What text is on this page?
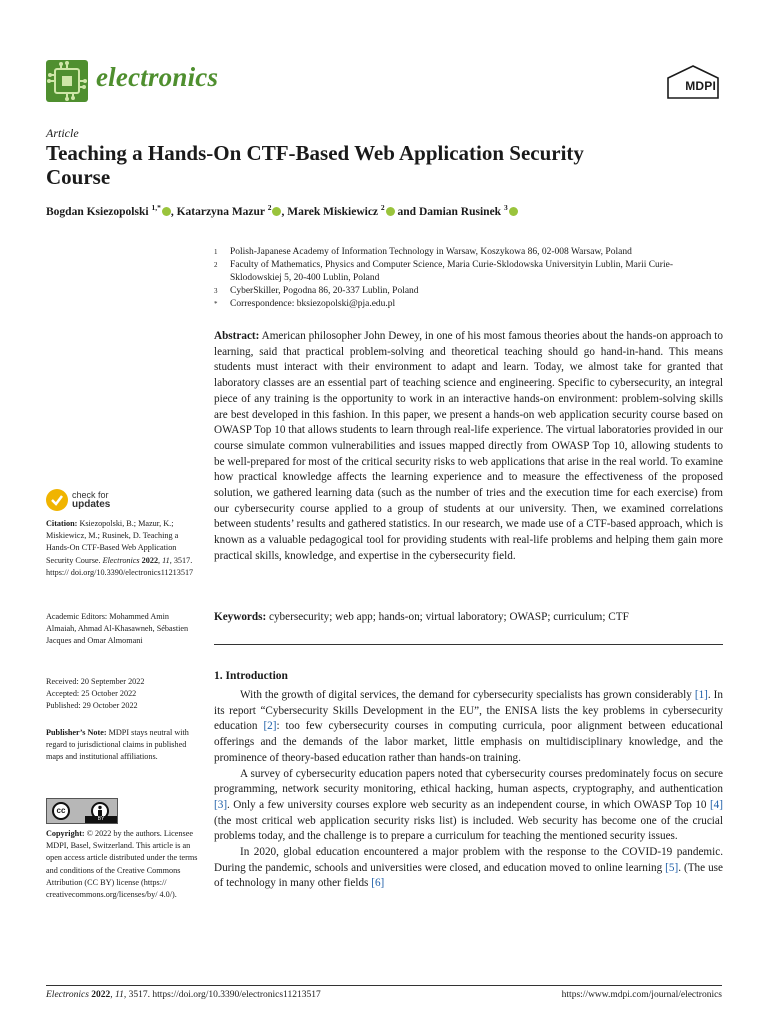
electronics	MDPI
Article
Teaching a Hands-On CTF-Based Web Application Security Course
Bogdan Ksiezopolski $^{1,*}$ , Katarzyna Mazur $^2$ , Marek Miskiewicz $^2$ and Damian Rusinek $^3$
1	Polish-Japanese Academy of Information Technology in Warsaw, Koszykowa 86, 02-008 Warsaw, Poland
2	Faculty of Mathematics, Physics and Computer Science, Maria Curie-Sklodowska Universityin Lublin, Marii Curie-Sklodowskiej 5, 20-400 Lublin, Poland
3	CyberSkiller, Pogodna 86, 20-337 Lublin, Poland
*	Correspondence: bksiezopolski@pja.edu.pl
Abstract: American philosopher John Dewey, in one of his most famous theories about the hands-on approach to learning, said that practical problem-solving and theoretical teaching should go hand-in-hand. This means students must interact with their environment to adapt and learn. Today, we almost take for granted that laboratory classes are an essential part of teaching science and engineering. Specific to cybersecurity, an integral piece of any training is the opportunity to work in an interactive hands-on environment: problem-solving skills are best developed in this fashion. In this paper, we present a hands-on web application security course based on OWASP Top 10 that allows students to learn through real-life experience. The virtual laboratories provided in our course simulate common vulnerabilities and issues mapped directly from OWASP Top 10, allowing students to be well-prepared for most of the critical security risks to web applications that arise in the real world. To examine how practical knowledge affects the learning experience and to measure the effectiveness of the proposed solution, we gathered learning data (such as the number of tries and the execution time for each exercise) from our cybersecurity course applied to a group of students at our university. Then, we examined correlations between students’ results and gathered statistics. In our research, we made use of a CTF-based approach, which is known as a valuable pedagogical tool for providing students with real-life problems and helping them gain more practical skills, knowledge, and expertise in the cybersecurity field.
Keywords: cybersecurity; web app; hands-on; virtual laboratory; OWASP; curriculum; CTF
1. Introduction

With the growth of digital services, the demand for cybersecurity specialists has grown considerably [1]. In its report “Cybersecurity Skills Development in the EU”, the ENISA lists the key problems in cybersecurity education [2]: too few cybersecurity courses in computing curricula, poor alignment between educational offerings and the demands of the labor market, little emphasis on multidisciplinary knowledge, and the prominence of theory-based education rather than hands-on training.

A survey of cybersecurity education papers noted that cybersecurity courses predominately focus on secure programming, network security monitoring, ethical hacking, human aspects, cryptography, and authentication [3]. Only a few university courses explore web security as an independent course, in which OWASP Top 10 [4] (the most critical web application security risks list) is included. Web security has become one of the crucial problems today, and the challenge is to prepare a curriculum for teaching the mentioned security issues.

In 2020, global education encountered a major problem with the response to the COVID-19 pandemic. During the pandemic, schools and universities were closed, and education moved to online learning [5]. (The use of technology in many other fields [6]

check for
updates
Citation: Ksiezopolski, B.; Mazur, K.; Miskiewicz, M.; Rusinek, D. Teaching a Hands-On CTF-Based Web Application Security Course. Electronics 2022, 11, 3517. https:// doi.org/10.3390/electronics11213517
Academic Editors: Mohammed Amin Almaiah, Ahmad Al-Khasawneh, Sébastien Jacques and Omar Almomani
Received: 20 September 2022
Accepted: 25 October 2022
Published: 29 October 2022
Publisher’s Note: MDPI stays neutral with regard to jurisdictional claims in published maps and institutional affiliations.
cc
BY
Copyright: © 2022 by the authors. Licensee MDPI, Basel, Switzerland. This article is an open access article distributed under the terms and conditions of the Creative Commons Attribution (CC BY) license (https:// creativecommons.org/licenses/by/ 4.0/).
Electronics 2022, 11, 3517. https://doi.org/10.3390/electronics11213517	https://www.mdpi.com/journal/electronics
